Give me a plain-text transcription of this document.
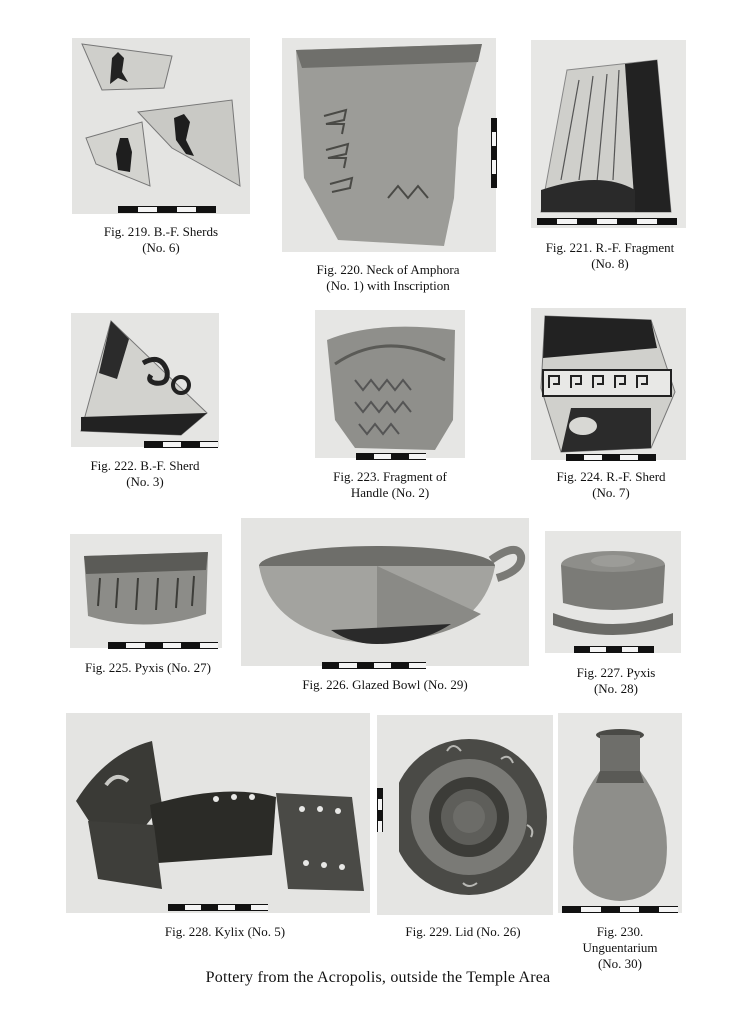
Fig. 219. B.-F. Sherds
(No. 6)
Fig. 220. Neck of Amphora
(No. 1) with Inscription
Fig. 221. R.-F. Fragment
(No. 8)
Fig. 222. B.-F. Sherd
(No. 3)	Fig. 223. Fragment of
Handle (No. 2)
Fig. 224. R.-F. Sherd
(No. 7)
Fig. 225. Pyxis (No. 27)
Fig. 226. Glazed Bowl (No. 29)
Fig. 227. Pyxis
(No. 28)
Fig. 228. Kylix (No. 5)	Fig. 229. Lid (No. 26)	Fig. 230.
Unguentarium
(No. 30)
Pottery from the Acropolis, outside the Temple Area
